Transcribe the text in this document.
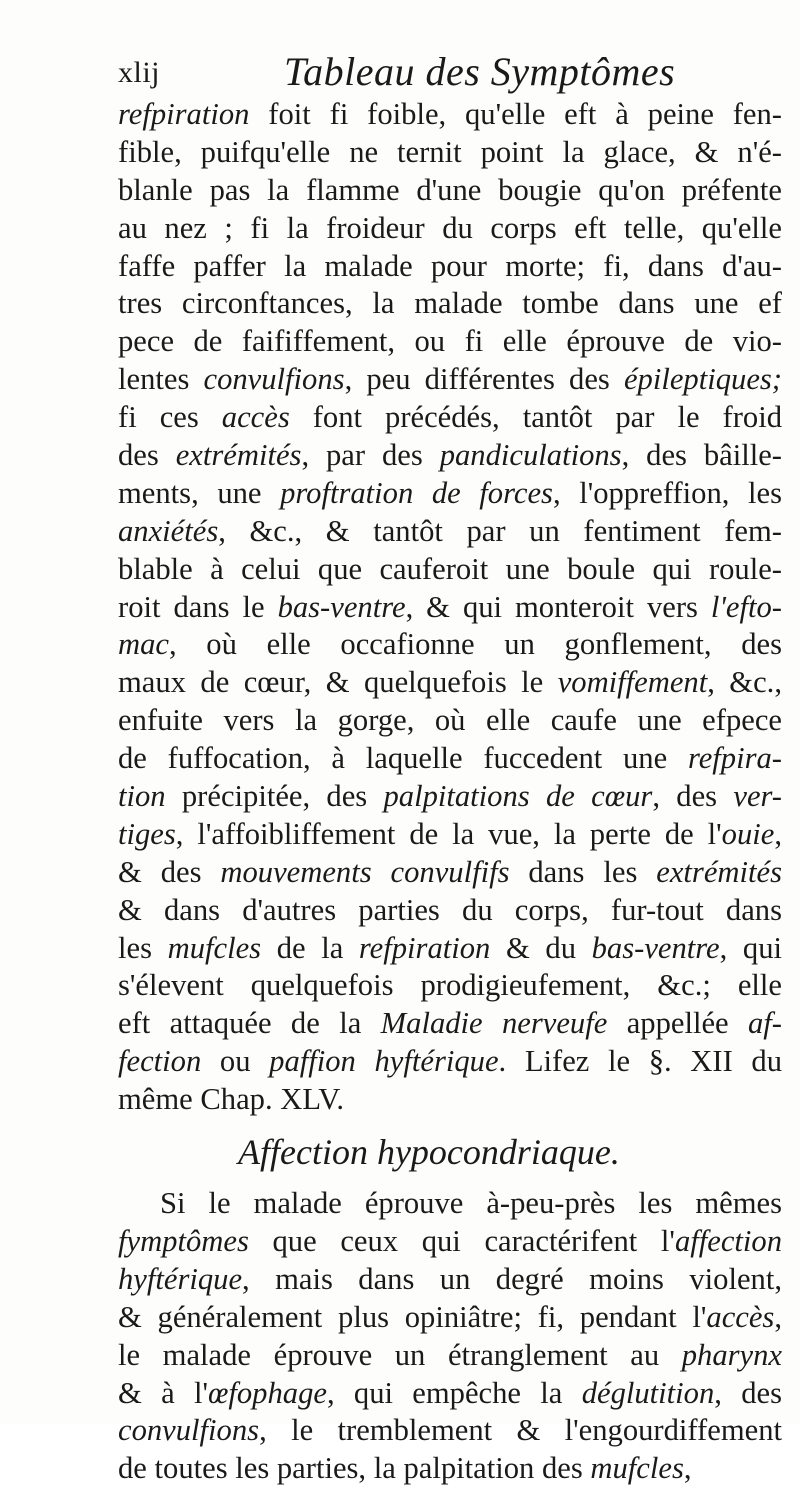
xlij	Tableau des Symptômes
refpiration foit fi foible, qu'elle eft à peine fen-
fible, puifqu'elle ne ternit point la glace, & n'é-
blanle pas la flamme d'une bougie qu'on préfente
au nez ; fi la froideur du corps eft telle, qu'elle
faffe paffer la malade pour morte; fi, dans d'au-
tres circonftances, la malade tombe dans une ef
pece de faififfement, ou fi elle éprouve de vio-
lentes convulfions, peu différentes des épileptiques;
fi ces accès font précédés, tantôt par le froid
des extrémités, par des pandiculations, des bâille-
ments, une proftration de forces, l'oppreffion, les
anxiétés, &c., & tantôt par un fentiment fem-
blable à celui que cauferoit une boule qui roule-
roit dans le bas-ventre, & qui monteroit vers l'efto-
mac, où elle occafionne un gonflement, des
maux de cœur, & quelquefois le vomiffement, &c.,
enfuite vers la gorge, où elle caufe une efpece
de fuffocation, à laquelle fuccedent une refpira-
tion précipitée, des palpitations de cœur, des ver-
tiges, l'affoibliffement de la vue, la perte de l'ouie,
& des mouvements convulfifs dans les extrémités
& dans d'autres parties du corps, fur-tout dans
les mufcles de la refpiration & du bas-ventre, qui
s'élevent quelquefois prodigieufement, &c.; elle
eft attaquée de la Maladie nerveufe appellée af-
fection ou paffion hyftérique. Lifez le §. XII du
même Chap. XLV.
Affection hypocondriaque.
Si le malade éprouve à-peu-près les mêmes
fymptômes que ceux qui caractérifent l'affection
hyftérique, mais dans un degré moins violent,
& généralement plus opiniâtre; fi, pendant l'accès,
le malade éprouve un étranglement au pharynx
& à l'œfophage, qui empêche la déglutition, des
convulfions, le tremblement & l'engourdiffement
de toutes les parties, la palpitation des mufcles,
